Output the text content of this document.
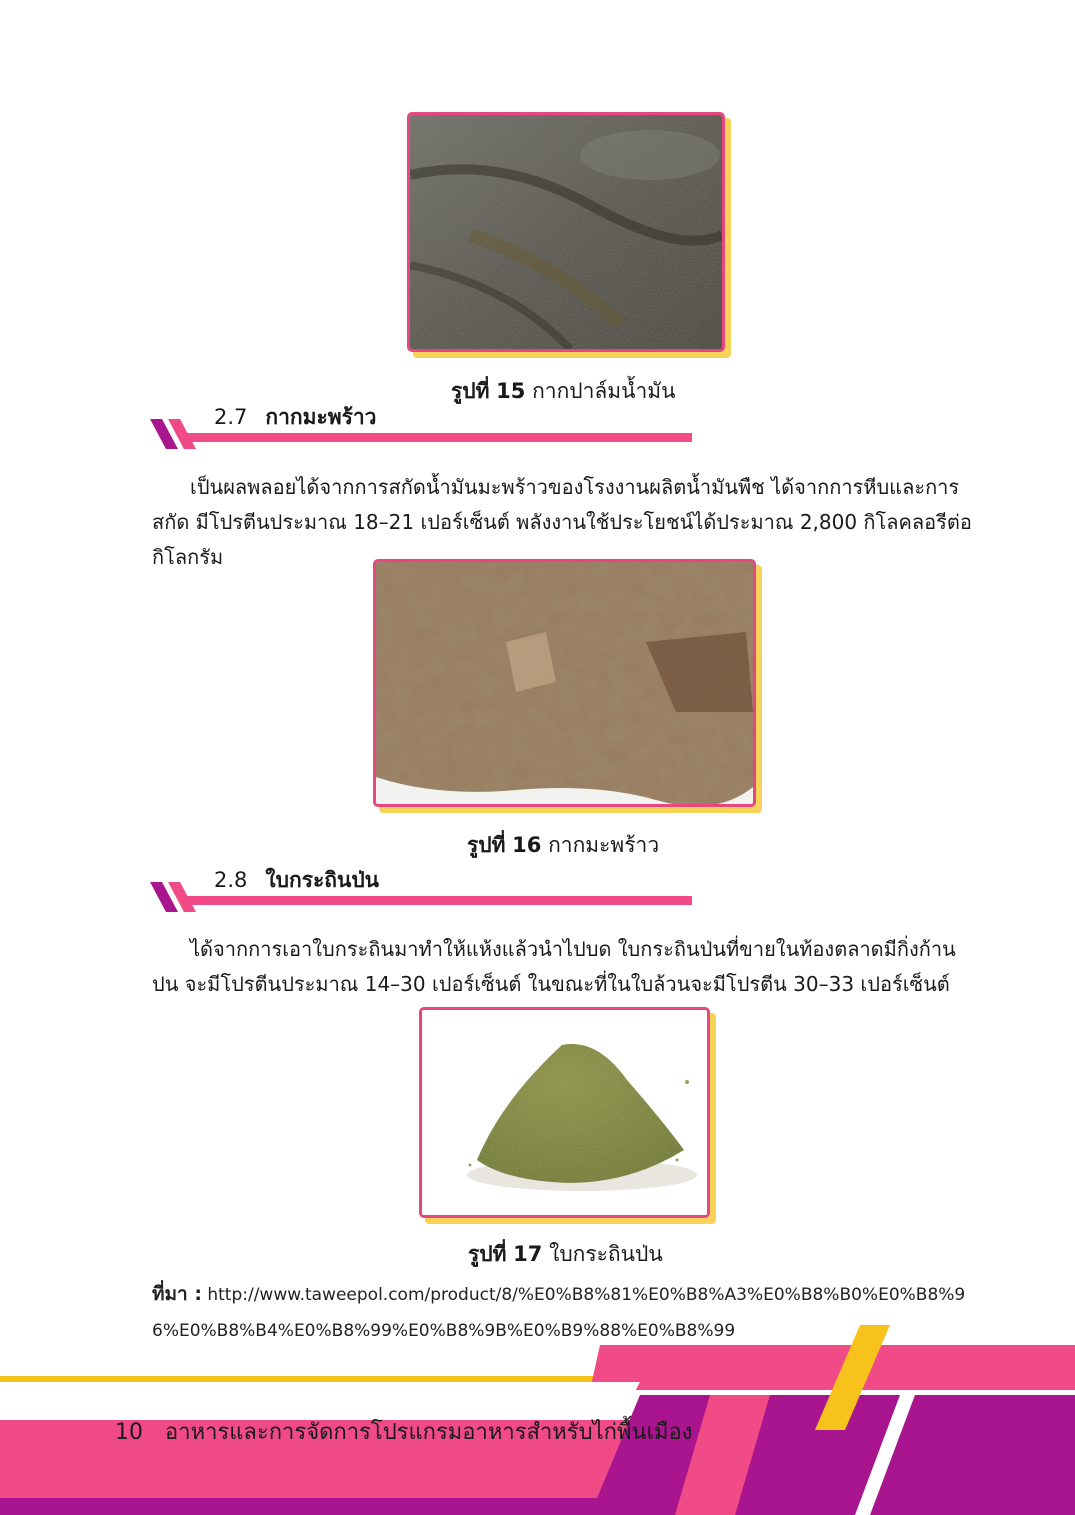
รูปที่ 15 กากปาล์มน้ำมัน
2.7 กากมะพร้าว

เป็นผลพลอยได้จากการสกัดน้ำมันมะพร้าวของโรงงานผลิตน้ำมันพืช ได้จากการหีบและการสกัด มีโปรตีนประมาณ 18–21 เปอร์เซ็นต์ พลังงานใช้ประโยชน์ได้ประมาณ 2,800 กิโลคลอรีต่อกิโลกรัม

รูปที่ 16 กากมะพร้าว
2.8 ใบกระถินป่น

ได้จากการเอาใบกระถินมาทำให้แห้งแล้วนำไปบด ใบกระถินป่นที่ขายในท้องตลาดมีกิ่งก้านปน จะมีโปรตีนประมาณ 14–30 เปอร์เซ็นต์ ในขณะที่ในใบล้วนจะมีโปรตีน 30–33 เปอร์เซ็นต์

รูปที่ 17 ใบกระถินป่น
ที่มา : http://www.taweepol.com/product/8/%E0%B8%81%E0%B8%A3%E0%B8%B0%E0%B8%96%E0%B8%B4%E0%B8%99%E0%B8%9B%E0%B9%88%E0%B8%99
10 อาหารและการจัดการโปรแกรมอาหารสำหรับไก่พื้นเมือง
